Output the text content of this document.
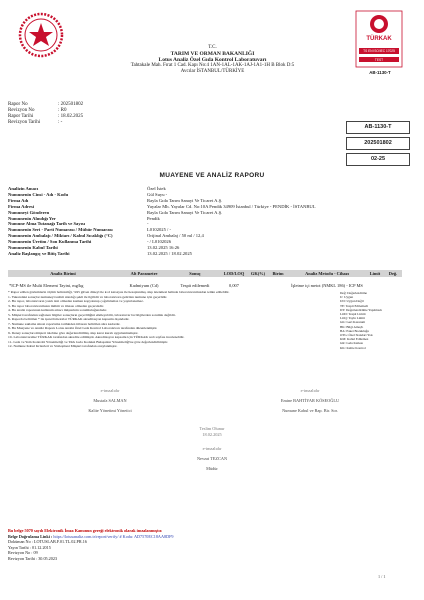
T.C.
TARIM VE ORMAN BAKANLIĞI
Lotus Analiz Özel Gıda Kontrol Laboratuvarı
Tahtakale Mah. Fırat 1 Cad. Kapı No:4 1AN-1AL-1AK-1AJ-1A1-1H B Blok D:5
Avcılar İSTANBUL/TÜRKİYE
TÜRKAK
TS EN ISO/IEC 17025
TEST
AB-1130-T
AB-1130-T
202501802
02-25
Rapor No	: 202501802
Revizyon No	: R0
Rapor Tarihi	: 18.02.2025
Revizyon Tarihi	: -
MUAYENE VE ANALİZ RAPORU
Analizin Amacı	Özel İstek
Numunenin Cinsi - Adı - Kodu	Gül Suyu -
Firma Adı	Rayla Gıda Tarım Sanayi Ve Ticaret A.Ş.
Firma Adresi	Yayalar Mh. Yayalar Cd. No:10A Pendik 34909 İstanbul / Türkiye - PENDİK - İSTANBUL
Numuneyi Gönderen	Rayla Gıda Tarım Sanayi Ve Ticaret A.Ş.
Numunenin Alındığı Yer	Pendik
Numune Alma Tutanağı Tarih ve Sayısı	-
Numunenin Seri - Parti Numarası / Mühür Numarası	L0102025 / -
Numunenin Ambalajı / Miktarı / Kabul Sıcaklığı (°C)	Orijinal Ambalaj / 50 ml / 12,4
Numunenin Üretim / Son Kullanma Tarihi	- / L0102026
Numunenin Kabul Tarihi	13.02.2025 16:26
Analiz Başlangıç ve Bitiş Tarihi	13.02.2025 / 18.02.2025
Analiz Birimi	Alt Parametre	Sonuç	LOD/LOQ	GK(%)	Birim	Analiz Metodu - Cihazı	Limit	Değ.
*ICP-MS ile Multi Element Tayini, mg/kg	Kadmiyum (Cd)	Tespit edilemedi	0,007			İşletme içi metot (NMKL 186) - ICP MS		
* Rapor edilen gözlemlerin ölçüm belirsizliği, %95 güven düzeyi ile k=2 katsayısı ile hesaplanmış olup istenmesi halinde laboratuvarımızdan temin edilebilir.
1- Yukarıdaki sonuçlar numuneyi teslim alındığı şekli ile ilgilidir ve laboratuvara getirilen numune için geçerlidir.
2- Bu rapor, laboratuvarın yazılı izni olmadan kısmen kopyalanıp çoğaltılamaz ve yayınlanamaz.
3- Bu rapor laboratuvarımızın mühür ve imzası olmadan geçersizdir.
4- Bu analiz raporunun kullanım amacı müşterinin sorumluluğundadır.
5- Müşteri tarafından sağlanan bilgiler sonuçların geçerliliğini etkileyebilir, laboratuvar bu bilgilerden sorumlu değildir.
6- Raporda belirtilen * ile işaretli metotlar TÜRKAK akreditasyon kapsamı dışındadır.
7- Numune saklama süresi raporlama tarihinden itibaren belirtilen süre kadardır.
8- Bu Muayene ve Analiz Raporu Lotus Analiz Özel Gıda Kontrol Laboratuvarı tarafından düzenlenmiştir.
9- Deney sonuçları müşteri talebine göre değerlendirilmiş olup karar kuralı uygulanmamıştır.
10- Laboratuvarımız TÜRKAK tarafından akredite edilmiştir. Akreditasyon kapsamı için TÜRKAK web sayfası incelenebilir.
11- Gıda ve Yem Kontrolü Yönetmeliği ve Türk Gıda Kodeksi Bulaşanlar Yönetmeliği'ne göre değerlendirilmiştir.
12- Numune Kabul Kriterleri ve Sözleşmesi Müşteri tarafından onaylanmıştır.
Değ: Değerlendirme
U: Uygun
UD: Uygun Değil
TE: Tespit Edilemedi
DT: Değerlendirilme Yapılmadı
LOD: Tespit Limiti
LOQ: Tayin Limiti
GK: Geri Kazanım
BK: Bilgi Amaçlı
BA: Paket Bozukluğu
OTG: Özel Standart Yok
KM: Kabul Edilemez
GR: Gıda Katkısı
KK: Kalite Kontrol
e-imzalıdır
Mustafa SALMAN
Kalite Yönetimi Yönetici
e-imzalıdır
Emine BAHTİYAR KÖSEOĞLU
Numune Kabul ve Rap. Bir. Sor.
Teslim Olunur
18.02.2025
e-imzalıdır
Nevzat TEZCAN
Müdür
Bu belge 5070 sayılı Elektronik İmza Kanunun gereği elektronik olarak imzalanmıştır.
Belge Doğrulama Linki : https://lotusanaliz.com.tr/report/verify/ # Kodu: AD7570EC18AA8DF9
Doküman No : LOTUSLAB.F.01.TL.02.PR.16
Yayın Tarihi : 01.12.2015
Revizyon No : 09
Revizyon Tarihi : 30.05.2023
1 / 1
